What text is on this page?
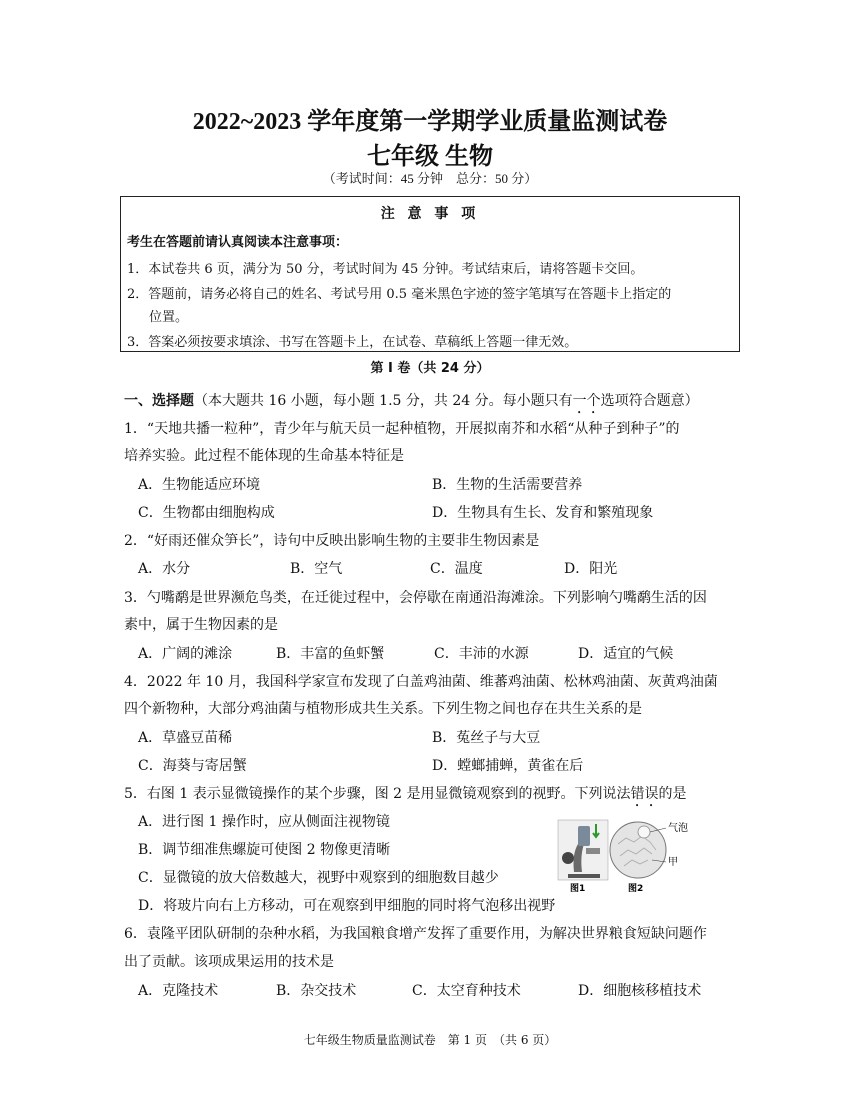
2022~2023 学年度第一学期学业质量监测试卷
七年级 生物
（考试时间：45 分钟　总分：50 分）
注 意 事 项
考生在答题前请认真阅读本注意事项：
1．本试卷共 6 页，满分为 50 分，考试时间为 45 分钟。考试结束后，请将答题卡交回。
2．答题前，请务必将自己的姓名、考试号用 0.5 毫米黑色字迹的签字笔填写在答题卡上指定的
位置。
3．答案必须按要求填涂、书写在答题卡上，在试卷、草稿纸上答题一律无效。
第 I 卷（共 24 分）
一、选择题（本大题共 16 小题，每小题 1.5 分，共 24 分。每小题只有一个选项符合题意）
1．“天地共播一粒种”，青少年与航天员一起种植物，开展拟南芥和水稻“从种子到种子”的
培养实验。此过程不能体现的生命基本特征是
A．生物能适应环境	B．生物的生活需要营养
C．生物都由细胞构成	D．生物具有生长、发育和繁殖现象
2．“好雨还催众笋长”，诗句中反映出影响生物的主要非生物因素是
A．水分	B．空气	C．温度	D．阳光
3．勺嘴鹬是世界濒危鸟类，在迁徙过程中，会停歇在南通沿海滩涂。下列影响勺嘴鹬生活的因
素中，属于生物因素的是
A．广阔的滩涂	B．丰富的鱼虾蟹	C．丰沛的水源	D．适宜的气候
4．2022 年 10 月，我国科学家宣布发现了白盖鸡油菌、维蕃鸡油菌、松林鸡油菌、灰黄鸡油菌
四个新物种，大部分鸡油菌与植物形成共生关系。下列生物之间也存在共生关系的是
A．草盛豆苗稀	B．菟丝子与大豆
C．海葵与寄居蟹	D．螳螂捕蝉，黄雀在后
5．右图 1 表示显微镜操作的某个步骤，图 2 是用显微镜观察到的视野。下列说法错误的是
A．进行图 1 操作时，应从侧面注视物镜
B．调节细准焦螺旋可使图 2 物像更清晰
C．显微镜的放大倍数越大，视野中观察到的细胞数目越少
D．将玻片向右上方移动，可在观察到甲细胞的同时将气泡移出视野
气泡
甲
图1	图2
6．袁隆平团队研制的杂种水稻，为我国粮食增产发挥了重要作用，为解决世界粮食短缺问题作
出了贡献。该项成果运用的技术是
A．克隆技术	B．杂交技术	C．太空育种技术	D．细胞核移植技术
七年级生物质量监测试卷　第 1 页　（共 6 页）
